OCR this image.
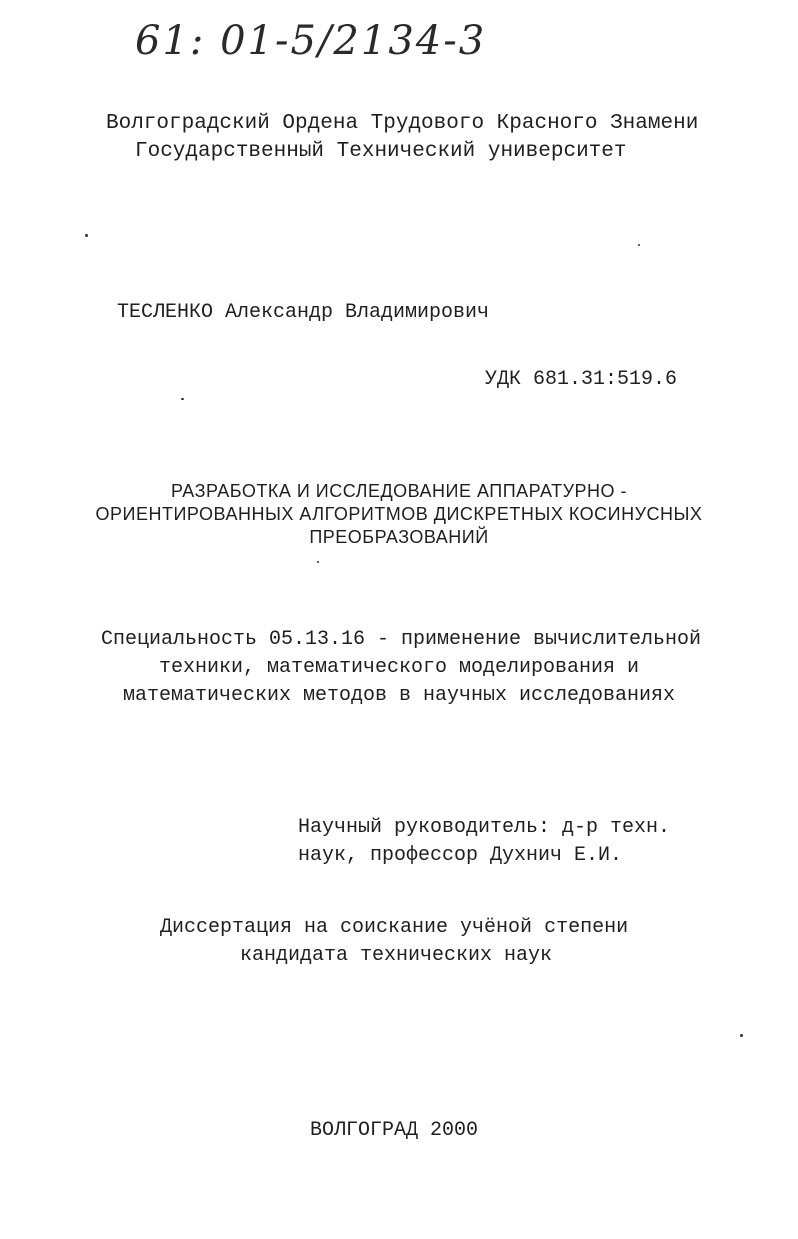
61: 01-5/2134-3
Волгоградский Ордена Трудового Красного Знамени
Государственный Технический университет
ТЕСЛЕНКО Александр Владимирович
УДК 681.31:519.6
РАЗРАБОТКА И ИССЛЕДОВАНИЕ АППАРАТУРНО -
ОРИЕНТИРОВАННЫХ АЛГОРИТМОВ ДИСКРЕТНЫХ КОСИНУСНЫХ
ПРЕОБРАЗОВАНИЙ
Специальность 05.13.16 - применение вычислительной
техники, математического моделирования и
математических методов в научных исследованиях
Научный руководитель: д-р техн.
наук, профессор Духнич Е.И.
Диссертация на соискание учёной степени
кандидата технических наук
ВОЛГОГРАД 2000
